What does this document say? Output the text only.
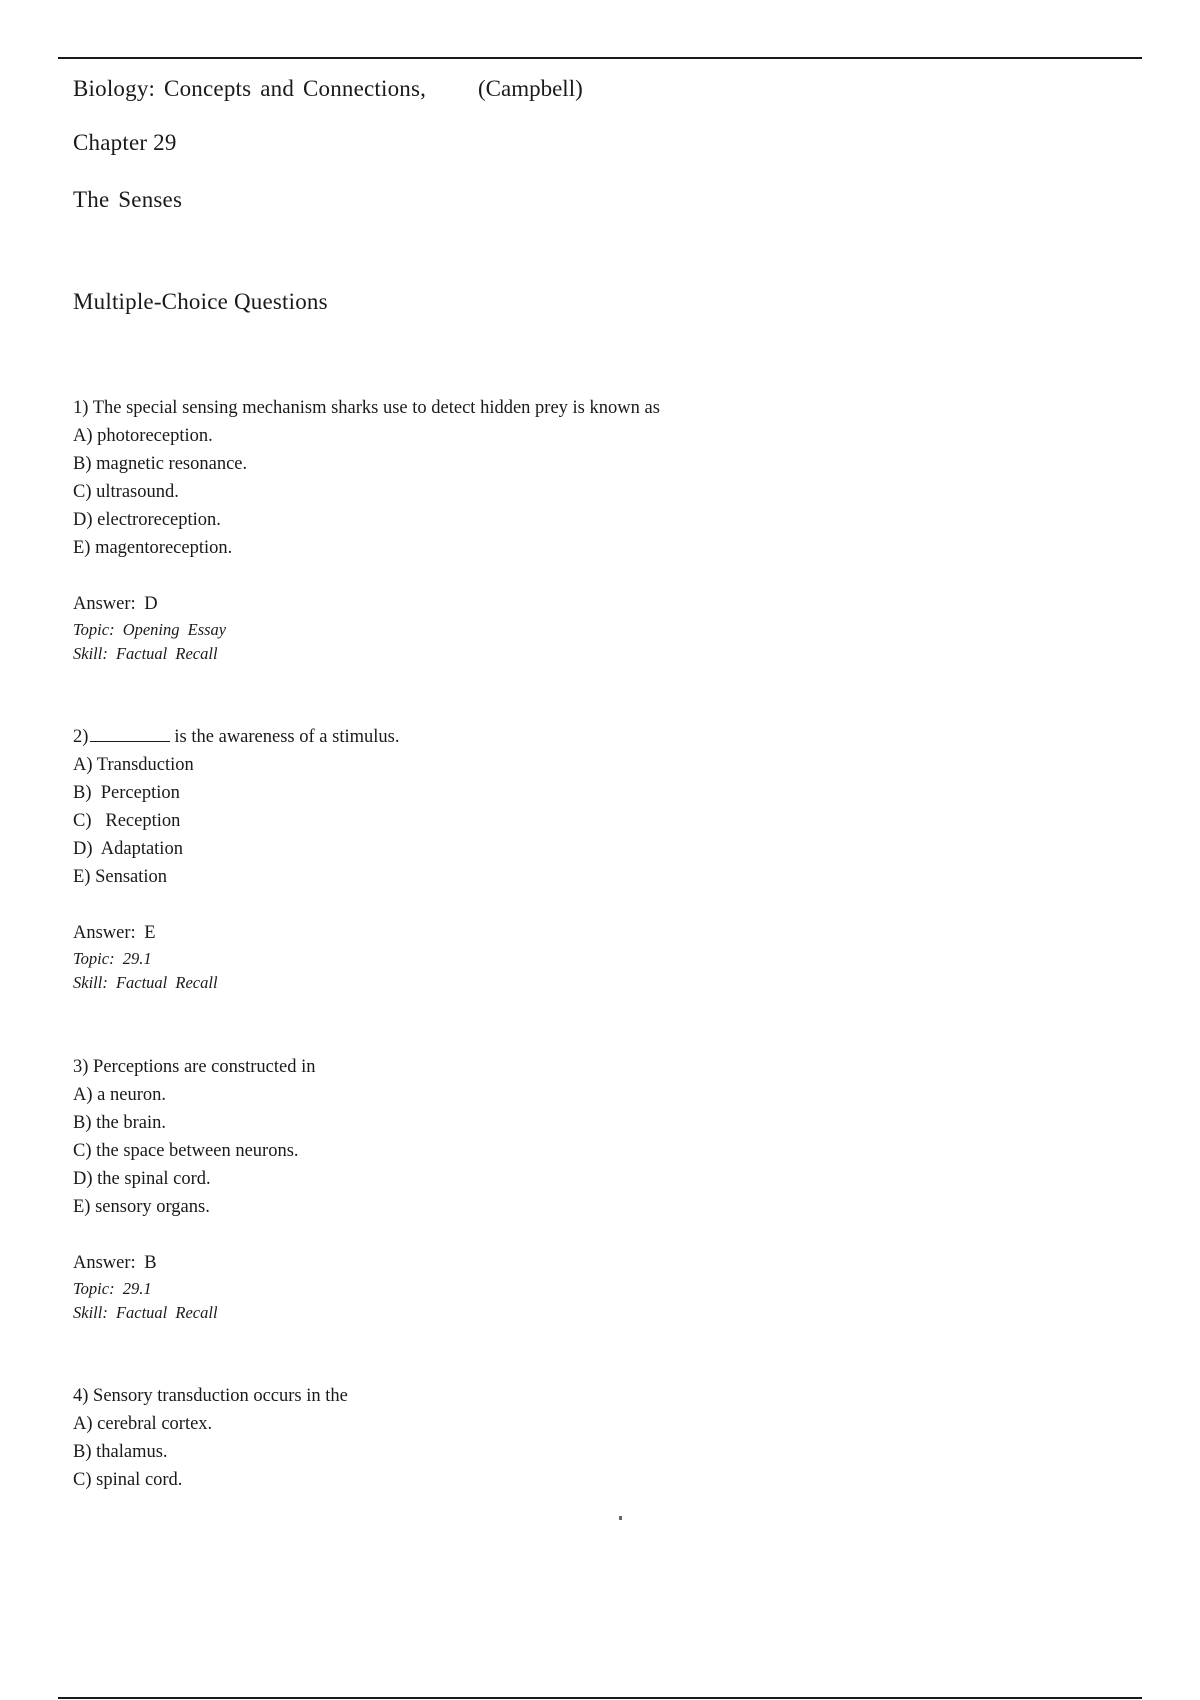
Biology: Concepts and Connections, (Campbell)
Chapter 29
The Senses
Multiple-Choice Questions
1) The special sensing mechanism sharks use to detect hidden prey is known as
A) photoreception.
B) magnetic resonance.
C) ultrasound.
D) electroreception.
E) magentoreception.
Answer: D
Topic: Opening Essay
Skill: Factual Recall
2)	is the awareness of a stimulus.
A) Transduction
B)  Perception
C)   Reception
D)  Adaptation
E) Sensation
Answer: E
Topic: 29.1
Skill: Factual Recall
3) Perceptions are constructed in
A) a neuron.
B) the brain.
C) the space between neurons.
D) the spinal cord.
E) sensory organs.
Answer: B
Topic: 29.1
Skill: Factual Recall
4) Sensory transduction occurs in the
A) cerebral cortex.
B) thalamus.
C) spinal cord.
